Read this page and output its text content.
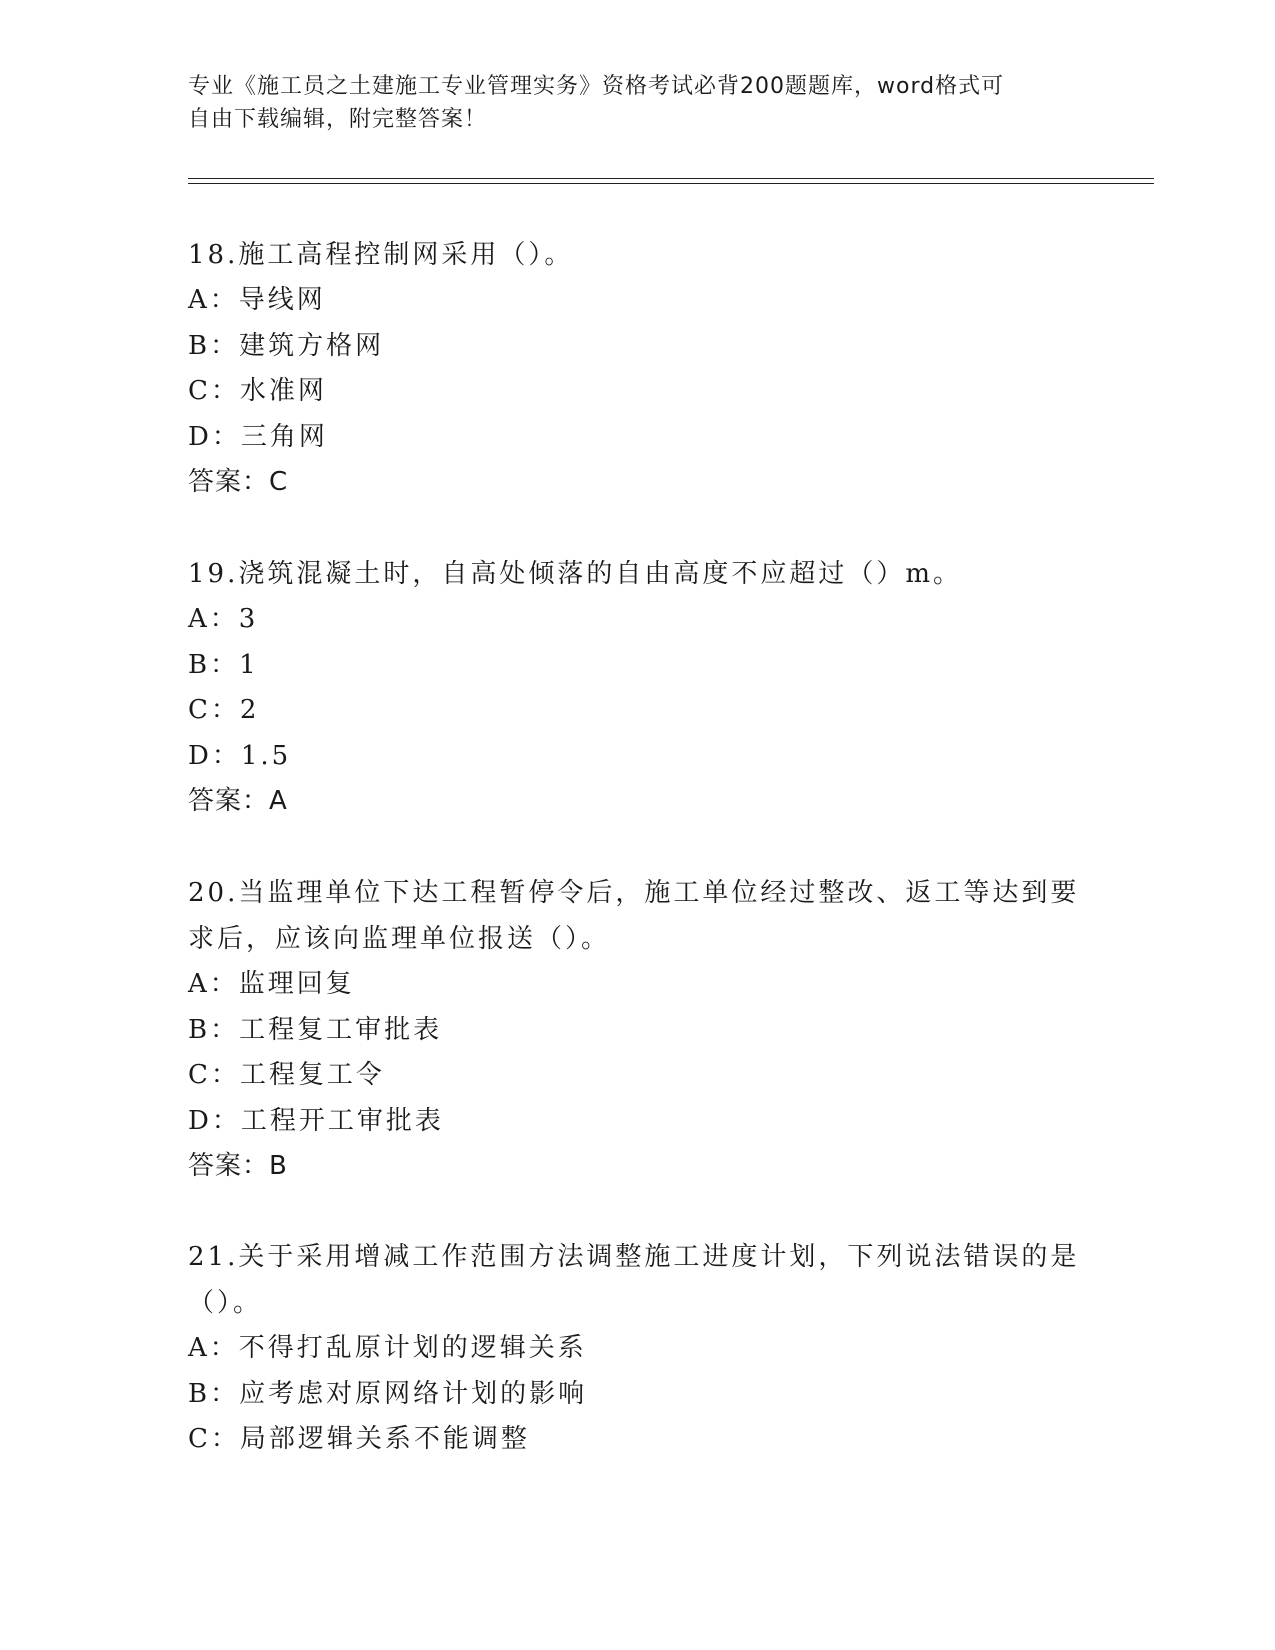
专业《施工员之土建施工专业管理实务》资格考试必背200题题库，word格式可
自由下载编辑，附完整答案！
18.施工高程控制网采用（）。
A：导线网
B：建筑方格网
C：水准网
D：三角网
答案：C
19.浇筑混凝土时，自高处倾落的自由高度不应超过（）m。
A：3
B：1
C：2
D：1.5
答案：A
20.当监理单位下达工程暂停令后，施工单位经过整改、返工等达到要
求后，应该向监理单位报送（）。
A：监理回复
B：工程复工审批表
C：工程复工令
D：工程开工审批表
答案：B
21.关于采用增减工作范围方法调整施工进度计划，下列说法错误的是
（）。
A：不得打乱原计划的逻辑关系
B：应考虑对原网络计划的影响
C：局部逻辑关系不能调整
